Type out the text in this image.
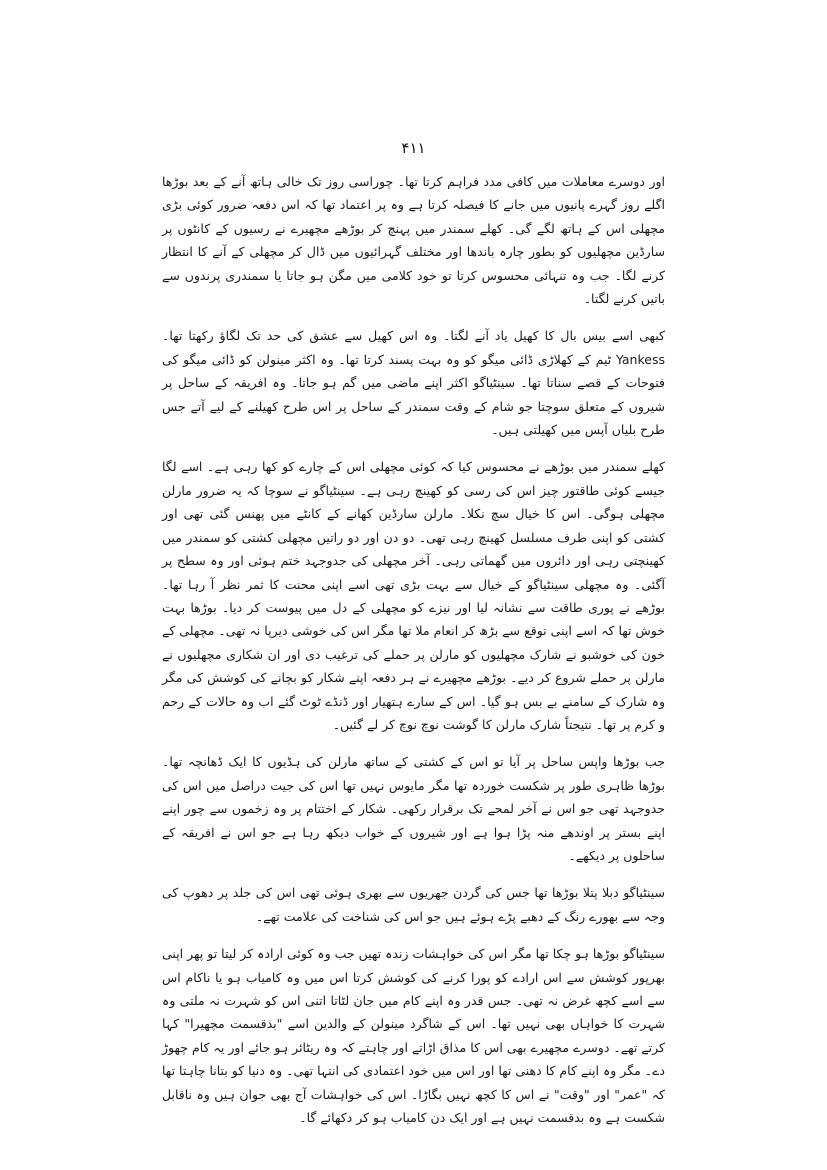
۴۱۱

اور دوسرے معاملات میں کافی مدد فراہم کرتا تھا۔ چوراسی روز تک خالی ہاتھ آنے کے بعد بوڑھا اگلے روز گہرے پانیوں میں جانے کا فیصلہ کرتا ہے وہ پر اعتماد تھا کہ اس دفعہ ضرور کوئی بڑی مچھلی اس کے ہاتھ لگے گی۔ کھلے سمندر میں پہنچ کر بوڑھے مچھیرے نے رسیوں کے کانٹوں پر سارڈین مچھلیوں کو بطور چارہ باندھا اور مختلف گہرائیوں میں ڈال کر مچھلی کے آنے کا انتظار کرنے لگا۔ جب وہ تنہائی محسوس کرتا تو خود کلامی میں مگن ہو جاتا یا سمندری پرندوں سے باتیں کرنے لگتا۔

کبھی اسے بیس بال کا کھیل یاد آنے لگتا۔ وہ اس کھیل سے عشق کی حد تک لگاؤ رکھتا تھا۔ Yankess ٹیم کے کھلاڑی ڈائی میگو کو وہ بہت پسند کرتا تھا۔ وہ اکثر مینولن کو ڈائی میگو کی فتوحات کے قصے سناتا تھا۔ سینٹیاگو اکثر اپنے ماضی میں گم ہو جاتا۔ وہ افریقہ کے ساحل پر شیروں کے متعلق سوچتا جو شام کے وقت سمندر کے ساحل پر اس طرح کھیلنے کے لیے آتے جس طرح بلیاں آپس میں کھیلتی ہیں۔

کھلے سمندر میں بوڑھے نے محسوس کیا کہ کوئی مچھلی اس کے چارے کو کھا رہی ہے۔ اسے لگا جیسے کوئی طاقتور چیز اس کی رسی کو کھینچ رہی ہے۔ سینٹیاگو نے سوچا کہ یہ ضرور مارلن مچھلی ہوگی۔ اس کا خیال سچ نکلا۔ مارلن سارڈین کھانے کے کانٹے میں پھنس گئی تھی اور کشتی کو اپنی طرف مسلسل کھینچ رہی تھی۔ دو دن اور دو راتیں مچھلی کشتی کو سمندر میں کھینچتی رہی اور دائروں میں گھماتی رہی۔ آخر مچھلی کی جدوجہد ختم ہوئی اور وہ سطح پر آگئی۔ وہ مچھلی سینٹیاگو کے خیال سے بہت بڑی تھی اسے اپنی محنت کا ثمر نظر آ رہا تھا۔ بوڑھے نے پوری طاقت سے نشانہ لیا اور نیزے کو مچھلی کے دل میں پیوست کر دیا۔ بوڑھا بہت خوش تھا کہ اسے اپنی توقع سے بڑھ کر انعام ملا تھا مگر اس کی خوشی دیرپا نہ تھی۔ مچھلی کے خون کی خوشبو نے شارک مچھلیوں کو مارلن پر حملے کی ترغیب دی اور ان شکاری مچھلیوں نے مارلن پر حملے شروع کر دیے۔ بوڑھے مچھیرے نے ہر دفعہ اپنے شکار کو بچانے کی کوشش کی مگر وہ شارک کے سامنے بے بس ہو گیا۔ اس کے سارے ہتھیار اور ڈنڈے ٹوٹ گئے اب وہ حالات کے رحم و کرم پر تھا۔ نتیجتاً شارک مارلن کا گوشت نوچ نوچ کر لے گئیں۔

جب بوڑھا واپس ساحل پر آیا تو اس کے کشتی کے ساتھ مارلن کی ہڈیوں کا ایک ڈھانچہ تھا۔ بوڑھا ظاہری طور پر شکست خوردہ تھا مگر مایوس نہیں تھا اس کی جیت دراصل میں اس کی جدوجہد تھی جو اس نے آخر لمحے تک برقرار رکھی۔ شکار کے اختتام پر وہ زخموں سے چور اپنے اپنے بستر پر اوندھے منہ پڑا ہوا ہے اور شیروں کے خواب دیکھ رہا ہے جو اس نے افریقہ کے ساحلوں پر دیکھے۔

سینٹیاگو دبلا پتلا بوڑھا تھا جس کی گردن جھریوں سے بھری ہوئی تھی اس کی جلد پر دھوپ کی وجہ سے بھورے رنگ کے دھبے پڑے ہوئے ہیں جو اس کی شناخت کی علامت تھے۔

سینٹیاگو بوڑھا ہو چکا تھا مگر اس کی خواہشات زندہ تھیں جب وہ کوئی ارادہ کر لیتا تو پھر اپنی بھرپور کوشش سے اس ارادے کو پورا کرنے کی کوشش کرتا اس میں وہ کامیاب ہو یا ناکام اس سے اسے کچھ غرض نہ تھی۔ جس قدر وہ اپنے کام میں جان لٹاتا اتنی اس کو شہرت نہ ملتی وہ شہرت کا خواہاں بھی نہیں تھا۔ اس کے شاگرد مینولن کے والدین اسے "بدقسمت مچھیرا" کہا کرتے تھے۔ دوسرے مچھیرے بھی اس کا مذاق اڑاتے اور چاہتے کہ وہ ریٹائر ہو جائے اور یہ کام چھوڑ دے۔ مگر وہ اپنے کام کا دھنی تھا اور اس میں خود اعتمادی کی انتہا تھی۔ وہ دنیا کو بتانا چاہتا تھا کہ "عمر" اور "وقت" نے اس کا کچھ نہیں بگاڑا۔ اس کی خواہشات آج بھی جوان ہیں وہ ناقابل شکست ہے وہ بدقسمت نہیں ہے اور ایک دن کامیاب ہو کر دکھائے گا۔
